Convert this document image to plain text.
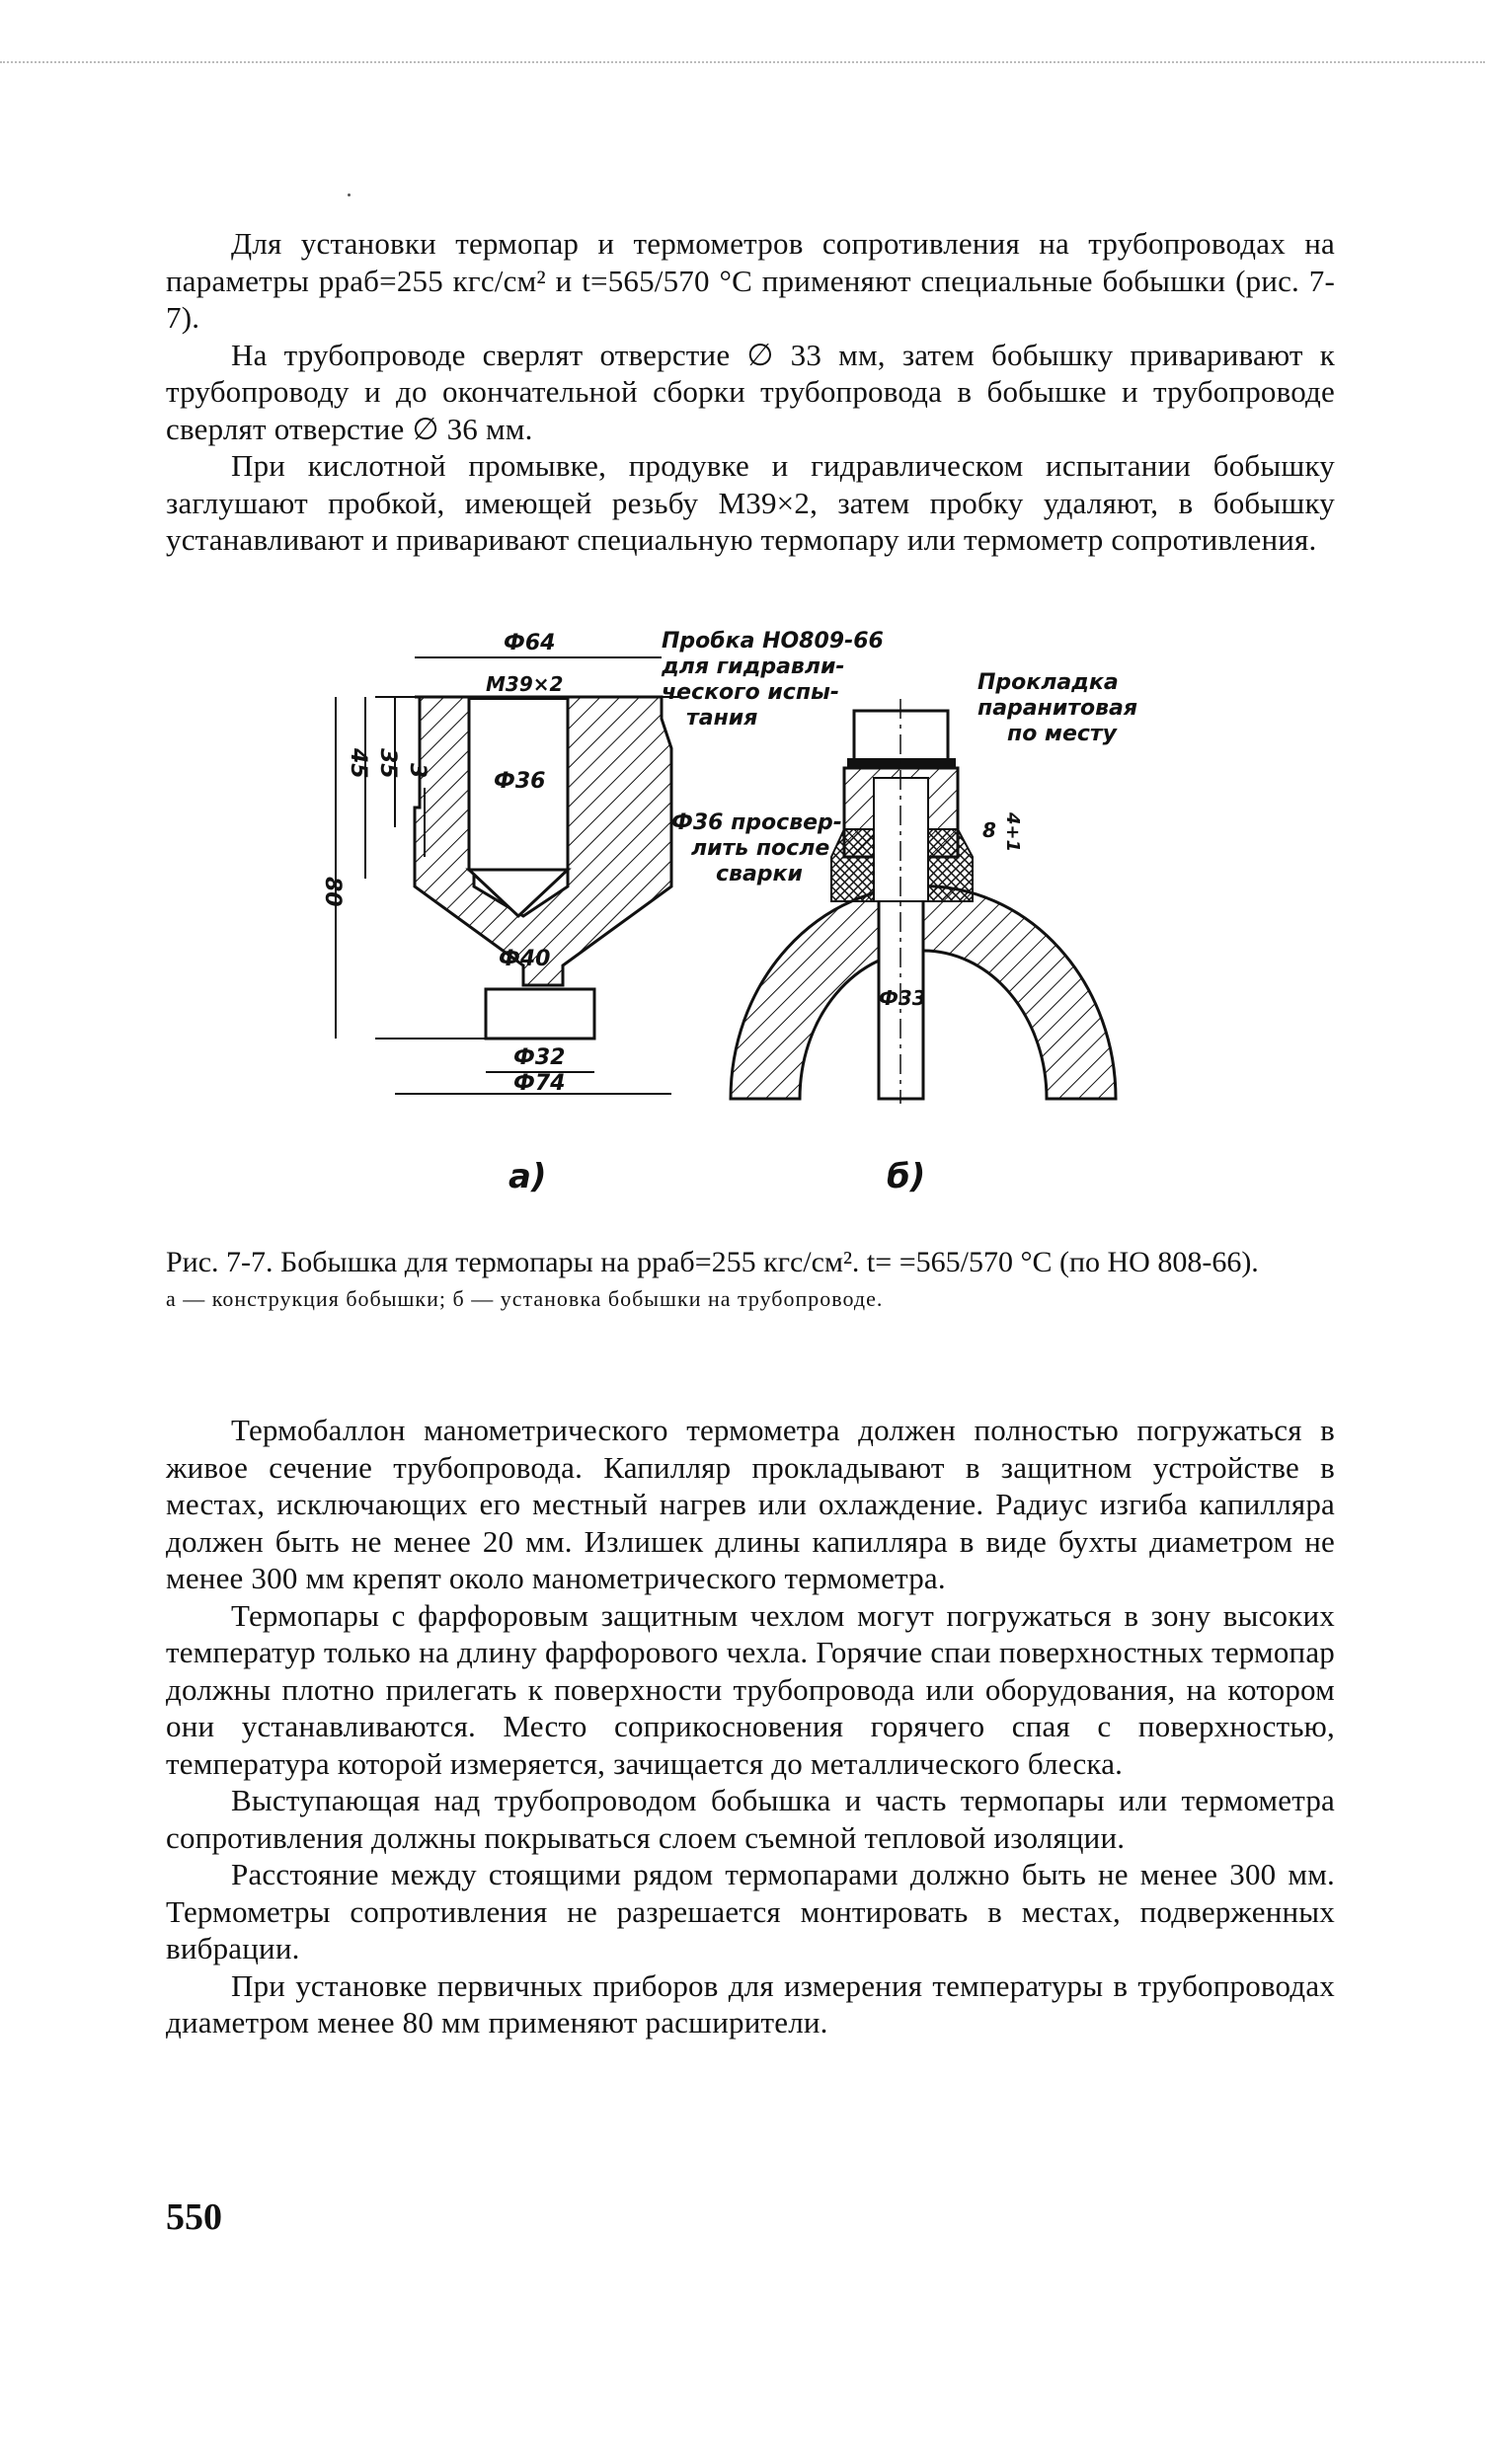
Для установки термопар и термометров сопротивления на трубопроводах на параметры pраб=255 кгс/см² и t=565/570 °С применяют специальные бобышки (рис. 7-7).

На трубопроводе сверлят отверстие ∅ 33 мм, затем бобышку приваривают к трубопроводу и до окончательной сборки трубопровода в бобышке и трубопроводе сверлят отверстие ∅ 36 мм.

При кислотной промывке, продувке и гидравлическом испытании бобышку заглушают пробкой, имеющей резьбу М39×2, затем пробку удаляют, в бобышку устанавливают и приваривают специальную термопару или термометр сопротивления.

Ф64
М39×2
Ф36
Ф40
Ф32
Ф74
80
45 35 3
а)
Пробка НО809-66
для гидравли-
ческого испы-
тания
Прокладка
паранитовая
по месту
Ф36 просвер-
лить после
сварки
Ф33
8 4+1
б)
Рис. 7-7. Бобышка для термопары на pраб=255 кгс/см². t= =565/570 °С (по НО 808-66).
а — конструкция бобышки; б — установка бобышки на трубопроводе.

Термобаллон манометрического термометра должен полностью погружаться в живое сечение трубопровода. Капилляр прокладывают в защитном устройстве в местах, исключающих его местный нагрев или охлаждение. Радиус изгиба капилляра должен быть не менее 20 мм. Излишек длины капилляра в виде бухты диаметром не менее 300 мм крепят около манометрического термометра.

Термопары с фарфоровым защитным чехлом могут погружаться в зону высоких температур только на длину фарфорового чехла. Горячие спаи поверхностных термопар должны плотно прилегать к поверхности трубопровода или оборудования, на котором они устанавливаются. Место соприкосновения горячего спая с поверхностью, температура которой измеряется, зачищается до металлического блеска.

Выступающая над трубопроводом бобышка и часть термопары или термометра сопротивления должны покрываться слоем съемной тепловой изоляции.

Расстояние между стоящими рядом термопарами должно быть не менее 300 мм. Термометры сопротивления не разрешается монтировать в местах, подверженных вибрации.

При установке первичных приборов для измерения температуры в трубопроводах диаметром менее 80 мм применяют расширители.

550
